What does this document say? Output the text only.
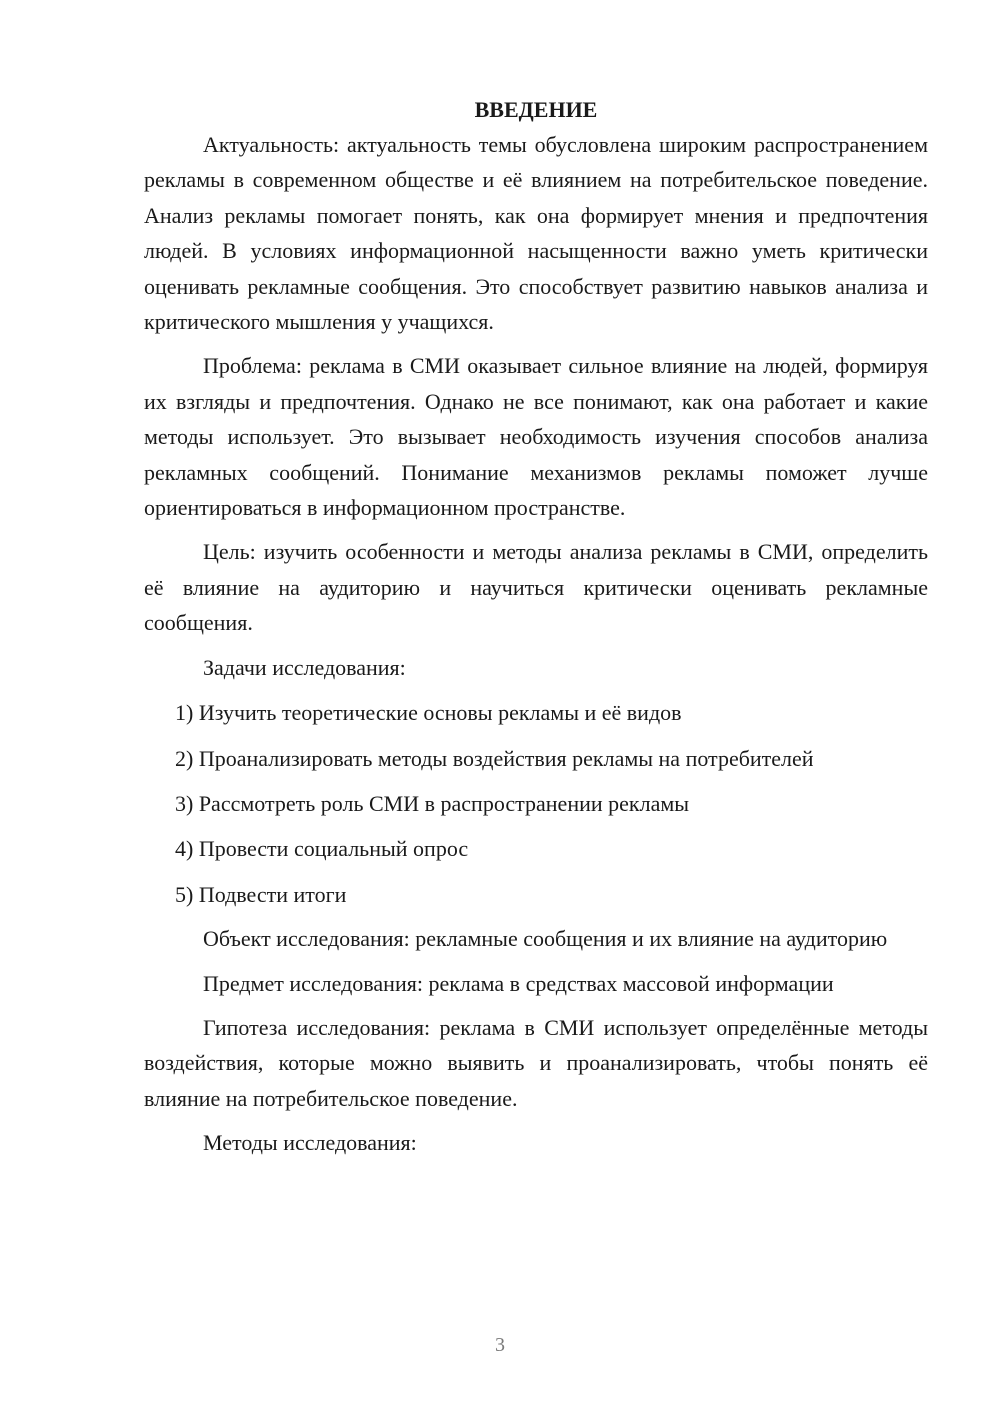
ВВЕДЕНИЕ

Актуальность: актуальность темы обусловлена широким распространением рекламы в современном обществе и её влиянием на потребительское поведение. Анализ рекламы помогает понять, как она формирует мнения и предпочтения людей. В условиях информационной насыщенности важно уметь критически оценивать рекламные сообщения. Это способствует развитию навыков анализа и критического мышления у учащихся.

Проблема: реклама в СМИ оказывает сильное влияние на людей, формируя их взгляды и предпочтения. Однако не все понимают, как она работает и какие методы использует. Это вызывает необходимость изучения способов анализа рекламных сообщений. Понимание механизмов рекламы поможет лучше ориентироваться в информационном пространстве.

Цель: изучить особенности и методы анализа рекламы в СМИ, определить её влияние на аудиторию и научиться критически оценивать рекламные сообщения.

Задачи исследования:

1) Изучить теоретические основы рекламы и её видов

2) Проанализировать методы воздействия рекламы на потребителей

3) Рассмотреть роль СМИ в распространении рекламы

4) Провести социальный опрос

5) Подвести итоги

Объект исследования: рекламные сообщения и их влияние на аудиторию

Предмет исследования: реклама в средствах массовой информации

Гипотеза исследования: реклама в СМИ использует определённые методы воздействия, которые можно выявить и проанализировать, чтобы понять её влияние на потребительское поведение.

Методы исследования:

3
